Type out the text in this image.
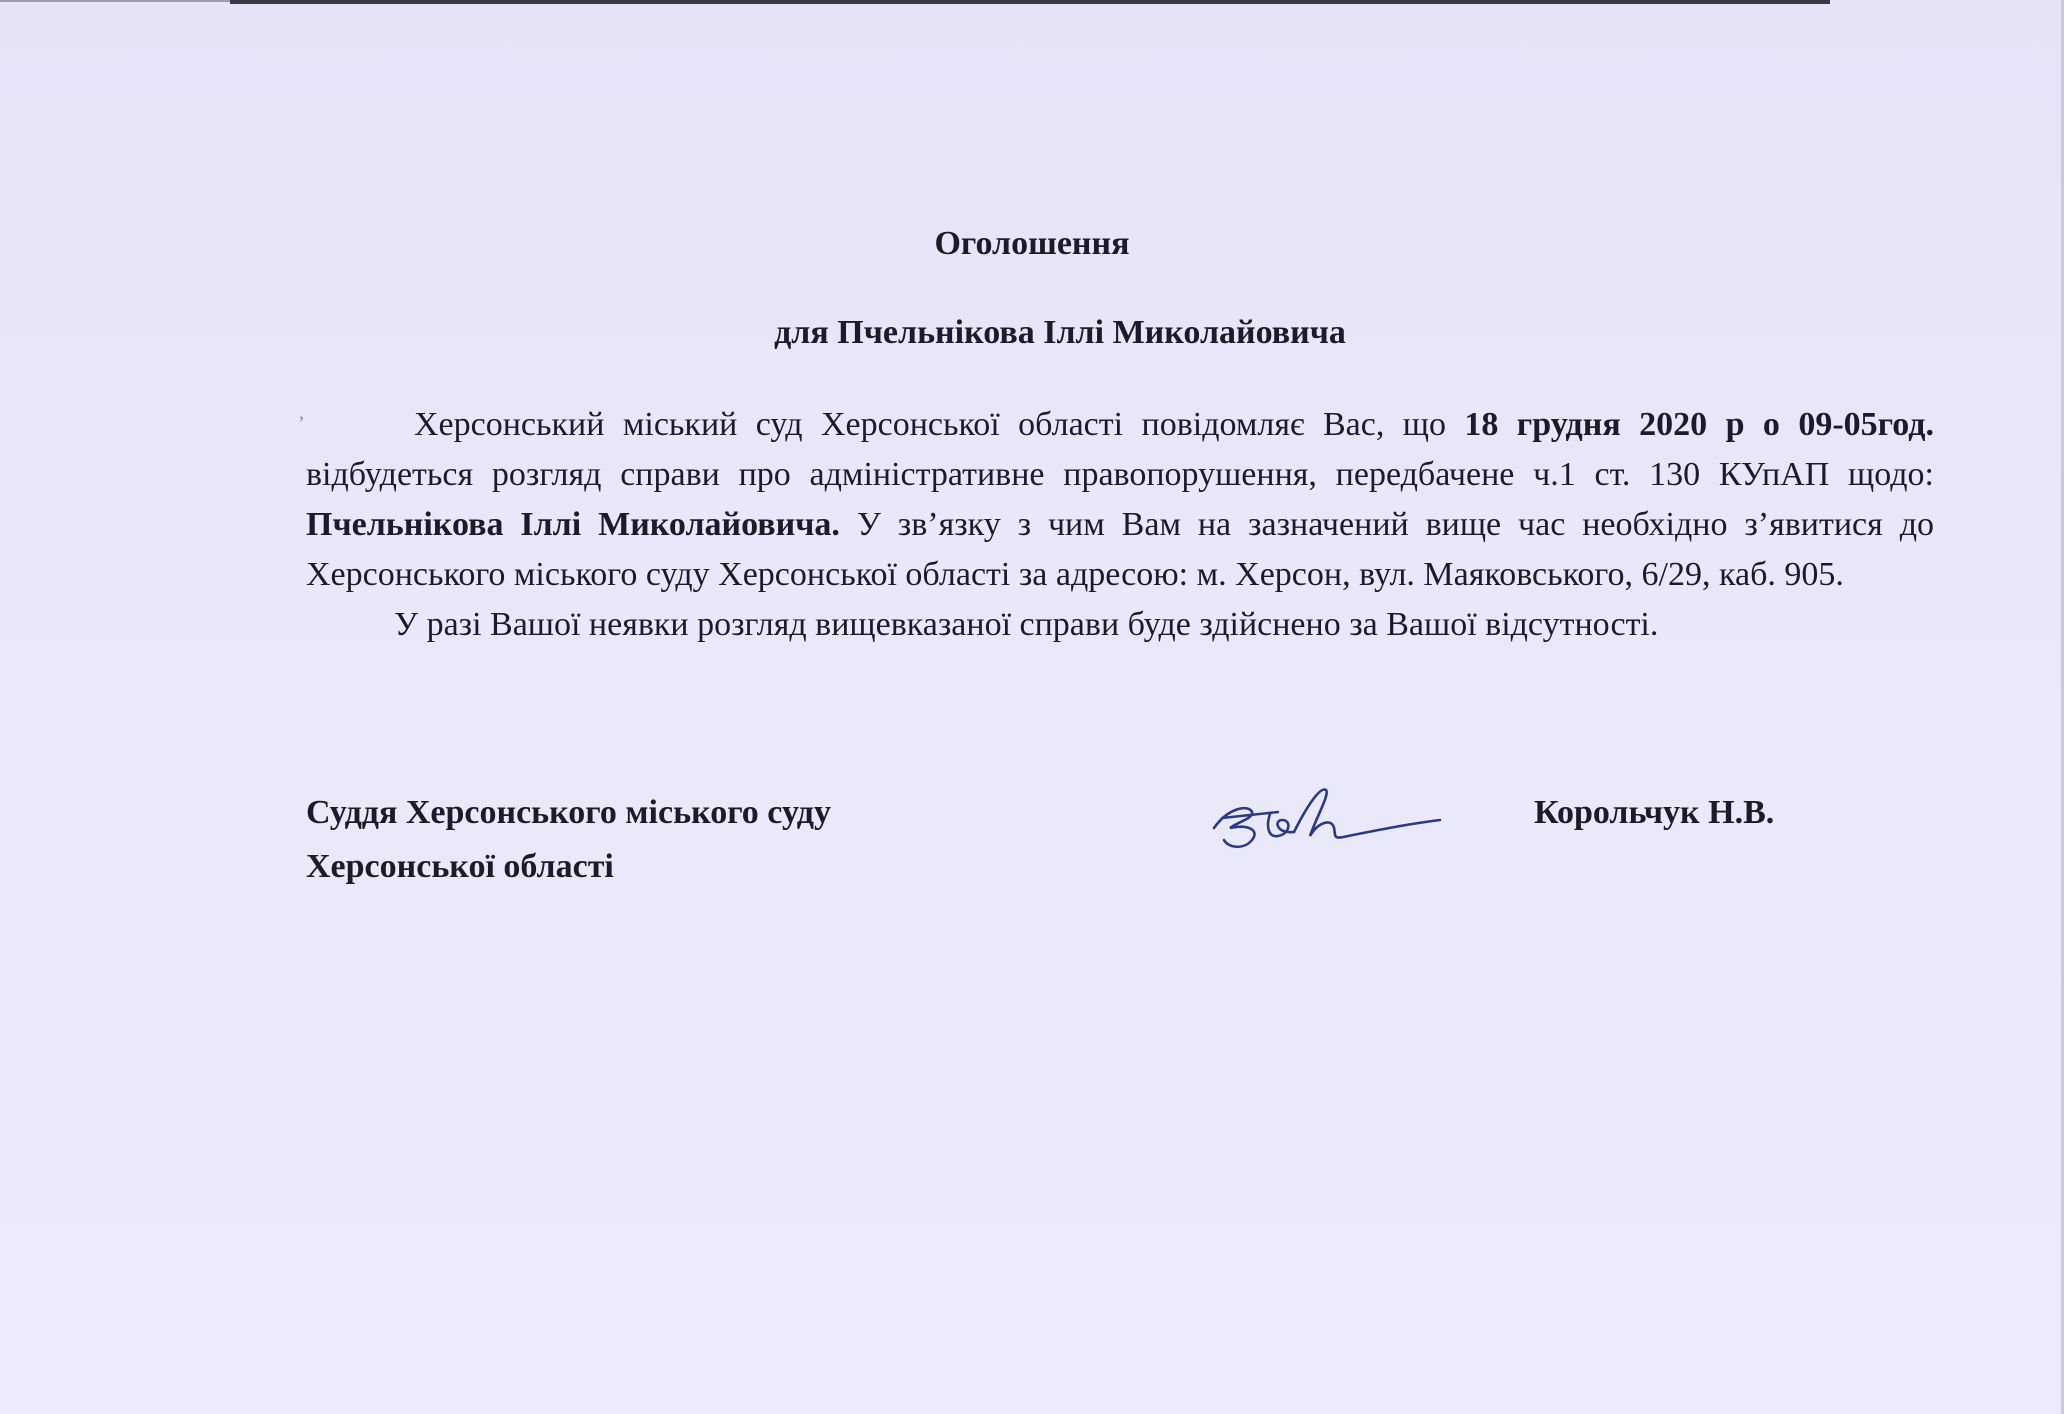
Оголошення
для Пчельнікова Іллі Миколайовича
ʼ	Херсонський міський суд Херсонської області повідомляє Вас, що 18 грудня 2020 р о 09-05год. відбудеться розгляд справи про адміністративне правопорушення, передбачене ч.1 ст. 130 КУпАП щодо: Пчельнікова Іллі Миколайовича. У зв’язку з чим Вам на зазначений вище час необхідно з’явитися до Херсонського міського суду Херсонської області за адресою: м. Херсон, вул. Маяковського, 6/29, каб. 905.

У разі Вашої неявки розгляд вищевказаної справи буде здійснено за Вашої відсутності.

Суддя Херсонського міського суду
Херсонської області
Корольчук Н.В.
